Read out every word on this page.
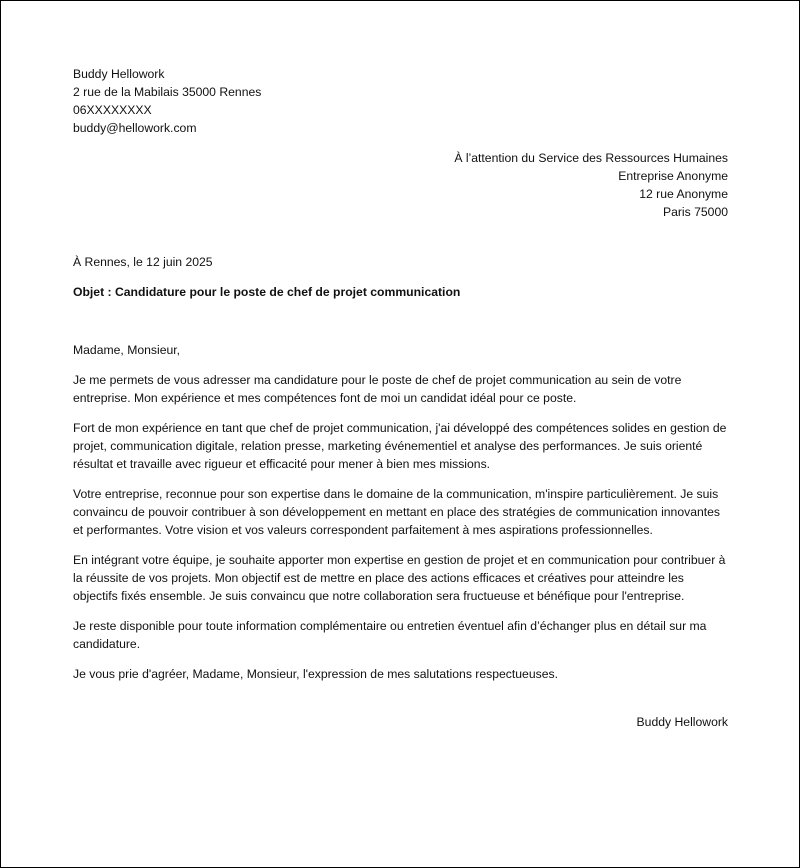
Buddy Hellowork
2 rue de la Mabilais 35000 Rennes
06XXXXXXXX
buddy@hellowork.com
À l’attention du Service des Ressources Humaines
Entreprise Anonyme
12 rue Anonyme
Paris 75000
À Rennes, le 12 juin 2025
Objet : Candidature pour le poste de chef de projet communication
Madame, Monsieur,
Je me permets de vous adresser ma candidature pour le poste de chef de projet communication au sein de votre entreprise. Mon expérience et mes compétences font de moi un candidat idéal pour ce poste.
Fort de mon expérience en tant que chef de projet communication, j'ai développé des compétences solides en gestion de projet, communication digitale, relation presse, marketing événementiel et analyse des performances. Je suis orienté résultat et travaille avec rigueur et efficacité pour mener à bien mes missions.
Votre entreprise, reconnue pour son expertise dans le domaine de la communication, m'inspire particulièrement. Je suis convaincu de pouvoir contribuer à son développement en mettant en place des stratégies de communication innovantes et performantes. Votre vision et vos valeurs correspondent parfaitement à mes aspirations professionnelles.
En intégrant votre équipe, je souhaite apporter mon expertise en gestion de projet et en communication pour contribuer à la réussite de vos projets. Mon objectif est de mettre en place des actions efficaces et créatives pour atteindre les objectifs fixés ensemble. Je suis convaincu que notre collaboration sera fructueuse et bénéfique pour l'entreprise.
Je reste disponible pour toute information complémentaire ou entretien éventuel afin d’échanger plus en détail sur ma candidature.
Je vous prie d'agréer, Madame, Monsieur, l'expression de mes salutations respectueuses.
Buddy Hellowork
